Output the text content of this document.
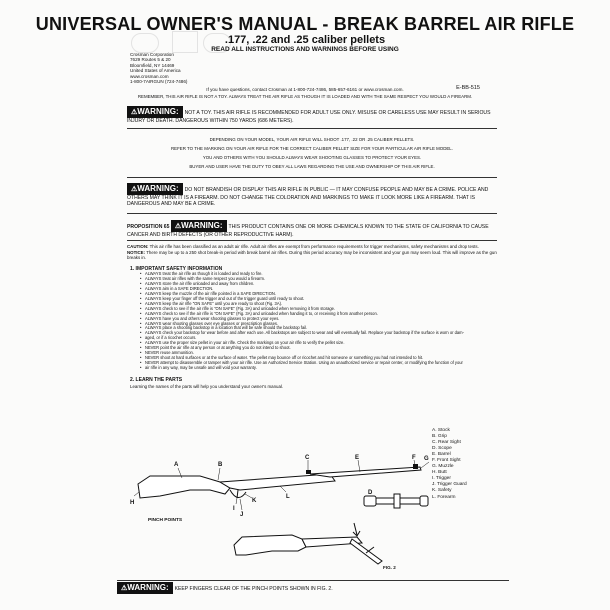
UNIVERSAL OWNER'S MANUAL - BREAK BARREL AIR RIFLE
.177, .22 and .25 caliber pellets
READ ALL INSTRUCTIONS AND WARNINGS BEFORE USING
Crosman Corporation
7629 Routes 5 & 20
Bloomfield, NY 14469
United States of America
www.crosman.com
1-800-7AIRGUN (724-7486)
E-BB-515
If you have questions, contact Crosman at 1-800-724-7486, 585-657-6161 or www.crosman.com.
REMEMBER, THIS AIR RIFLE IS NOT A TOY. ALWAYS TREAT THE AIR RIFLE AS THOUGH IT IS LOADED AND WITH THE SAME RESPECT YOU WOULD A FIREARM.
⚠WARNING: NOT A TOY. THIS AIR RIFLE IS RECOMMENDED FOR ADULT USE ONLY. MISUSE OR CARELESS USE MAY RESULT IN SERIOUS INJURY OR DEATH. DANGEROUS WITHIN 750 YARDS (686 METERS).
DEPENDING ON YOUR MODEL, YOUR AIR RIFLE WILL SHOOT .177, .22 OR .25 CALIBER PELLETS.
REFER TO THE MARKING ON YOUR AIR RIFLE FOR THE CORRECT CALIBER PELLET SIZE FOR YOUR PARTICULAR AIR RIFLE MODEL.
YOU AND OTHERS WITH YOU SHOULD ALWAYS WEAR SHOOTING GLASSES TO PROTECT YOUR EYES.
BUYER AND USER HAVE THE DUTY TO OBEY ALL LAWS REGARDING THE USE AND OWNERSHIP OF THIS AIR RIFLE.
⚠WARNING: DO NOT BRANDISH OR DISPLAY THIS AIR RIFLE IN PUBLIC — IT MAY CONFUSE PEOPLE AND MAY BE A CRIME. POLICE AND OTHERS MAY THINK IT IS A FIREARM. DO NOT CHANGE THE COLORATION AND MARKINGS TO MAKE IT LOOK MORE LIKE A FIREARM. THAT IS DANGEROUS AND MAY BE A CRIME.
PROPOSITION 65 ⚠WARNING: THIS PRODUCT CONTAINS ONE OR MORE CHEMICALS KNOWN TO THE STATE OF CALIFORNIA TO CAUSE CANCER AND BIRTH DEFECTS (OR OTHER REPRODUCTIVE HARM).
CAUTION: This air rifle has been classified as an adult air rifle. Adult air rifles are exempt from performance requirements for trigger mechanisms, safety mechanisms and drop tests.
NOTICE: There may be up to a 250 shot break-in period with break barrel air rifles. During this period accuracy may be inconsistent and your gun may seem loud. This will improve as the gun breaks in.
1. IMPORTANT SAFETY INFORMATION
• ALWAYS treat the air rifle as though it is loaded and ready to fire.
• ALWAYS treat air rifles with the same respect you would a firearm.
• ALWAYS store the air rifle unloaded and away from children.
• ALWAYS aim in a SAFE DIRECTION.
• ALWAYS keep the muzzle of the air rifle pointed in a SAFE DIRECTION.
• ALWAYS keep your finger off the trigger and out of the trigger guard until ready to shoot.
• ALWAYS keep the air rifle "ON SAFE" until you are ready to shoot (Fig. 3A).
• ALWAYS check to see if the air rifle is "ON SAFE" (Fig. 3A) and unloaded when removing it from storage.
• ALWAYS check to see if the air rifle is "ON SAFE" (Fig. 3A) and unloaded when handing it to, or receiving it from another person.
• ALWAYS have you and others wear shooting glasses to protect your eyes.
• ALWAYS wear shooting glasses over eye glasses or prescription glasses.
• ALWAYS place a shooting backstop in a location that will be safe should the backstop fail.
• ALWAYS check your backstop for wear before and after each use. All backstops are subject to wear and will eventually fail. Replace your backstop if the surface is worn or dam-
• aged, or if a ricochet occurs.
• ALWAYS use the proper size pellet in your air rifle. Check the markings on your air rifle to verify the pellet size.
• NEVER point the air rifle at any person or at anything you do not intend to shoot.
• NEVER reuse ammunition.
• NEVER shoot at hard surfaces or at the surface of water. The pellet may bounce off or ricochet and hit someone or something you had not intended to hit.
• NEVER attempt to disassemble or tamper with your air rifle. Use an Authorized Service Station. Using an unauthorized service or repair center, or modifying the function of your
• air rifle in any way, may be unsafe and will void your warranty.
2. LEARN THE PARTS
Learning the names of the parts will help you understand your owner's manual.
A	B
C
D
E	F G
H
I
J
K
L
A. Stock
B. Grip
C. Rear Sight
D. Scope
E. Barrel
F. Front Sight
G. Muzzle
H. Butt
I. Trigger
J. Trigger Guard
K. Safety
L. Forearm
PINCH POINTS
FIG. 2
⚠WARNING: KEEP FINGERS CLEAR OF THE PINCH POINTS SHOWN IN FIG. 2.
